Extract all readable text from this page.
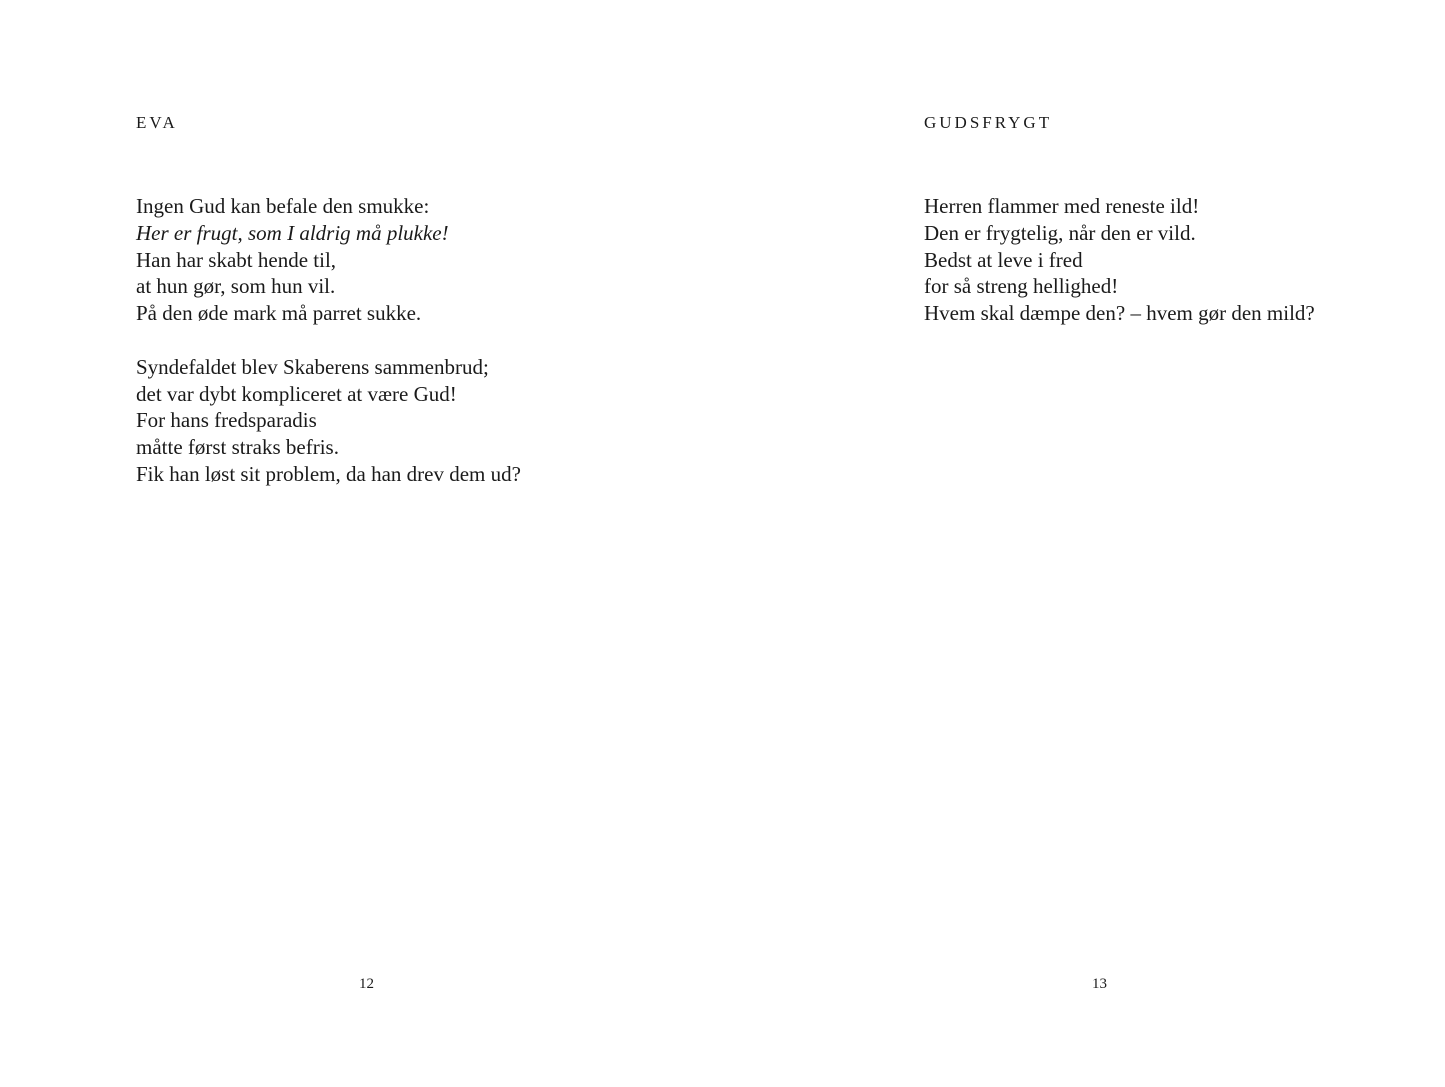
EVA

Ingen Gud kan befale den smukke:
Her er frugt, som I aldrig må plukke!
Han har skabt hende til,
at hun gør, som hun vil.
På den øde mark må parret sukke.

Syndefaldet blev Skaberens sammenbrud;
det var dybt kompliceret at være Gud!
For hans fredsparadis
måtte først straks befris.
Fik han løst sit problem, da han drev dem ud?

12
GUDSFRYGT

Herren flammer med reneste ild!
Den er frygtelig, når den er vild.
Bedst at leve i fred
for så streng hellighed!
Hvem skal dæmpe den? – hvem gør den mild?

13
